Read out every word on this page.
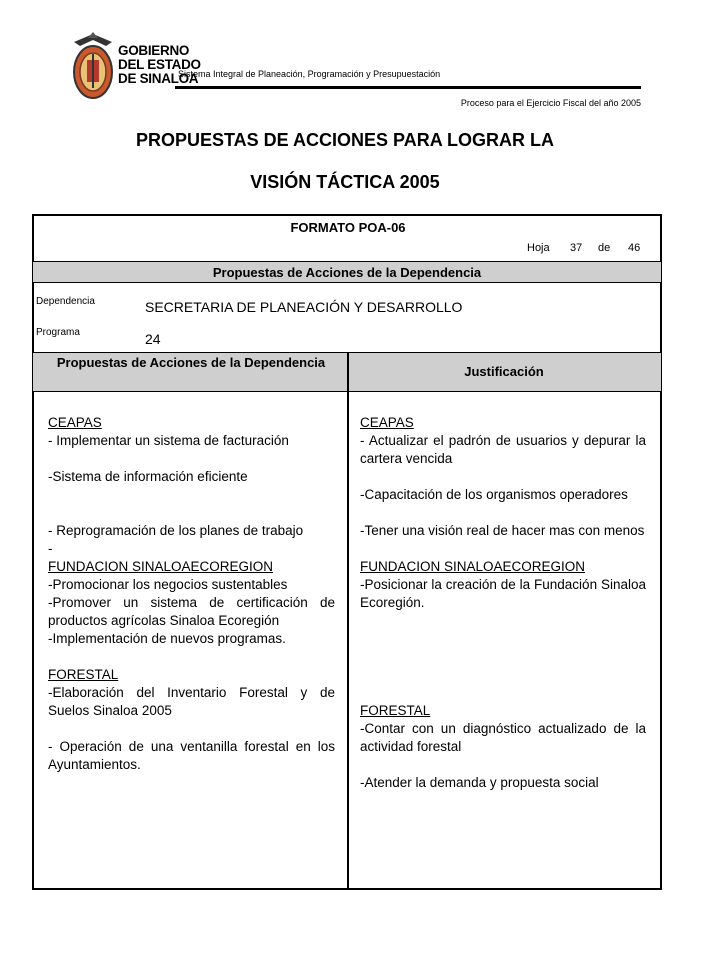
GOBIERNO
DEL ESTADO
DE SINALOA
Sistema Integral de Planeación, Programación y Presupuestación
Proceso para el Ejercicio Fiscal del año 2005
PROPUESTAS DE ACCIONES PARA LOGRAR LA
VISIÓN TÁCTICA 2005
FORMATO POA-06
Hoja 37 de 46
Propuestas de Acciones de la Dependencia
Dependencia	SECRETARIA DE PLANEACIÓN Y DESARROLLO
Programa	24
Propuestas de Acciones de la Dependencia
Justificación
CEAPAS
- Implementar un sistema de facturación
-Sistema de información eficiente
- Reprogramación de los planes de trabajo
-
FUNDACION SINALOAECOREGION
-Promocionar los negocios sustentables
-Promover un sistema de certificación de productos agrícolas Sinaloa Ecoregión
-Implementación de nuevos programas.
FORESTAL
-Elaboración del Inventario Forestal y de Suelos Sinaloa 2005
- Operación de una ventanilla forestal en los Ayuntamientos.
CEAPAS
- Actualizar el padrón de usuarios y depurar la cartera vencida
-Capacitación de los organismos operadores
-Tener una visión real de hacer mas con menos
FUNDACION SINALOAECOREGION
-Posicionar la creación de la Fundación Sinaloa Ecoregión.
FORESTAL
-Contar con un diagnóstico actualizado de la actividad forestal
-Atender la demanda y propuesta social
